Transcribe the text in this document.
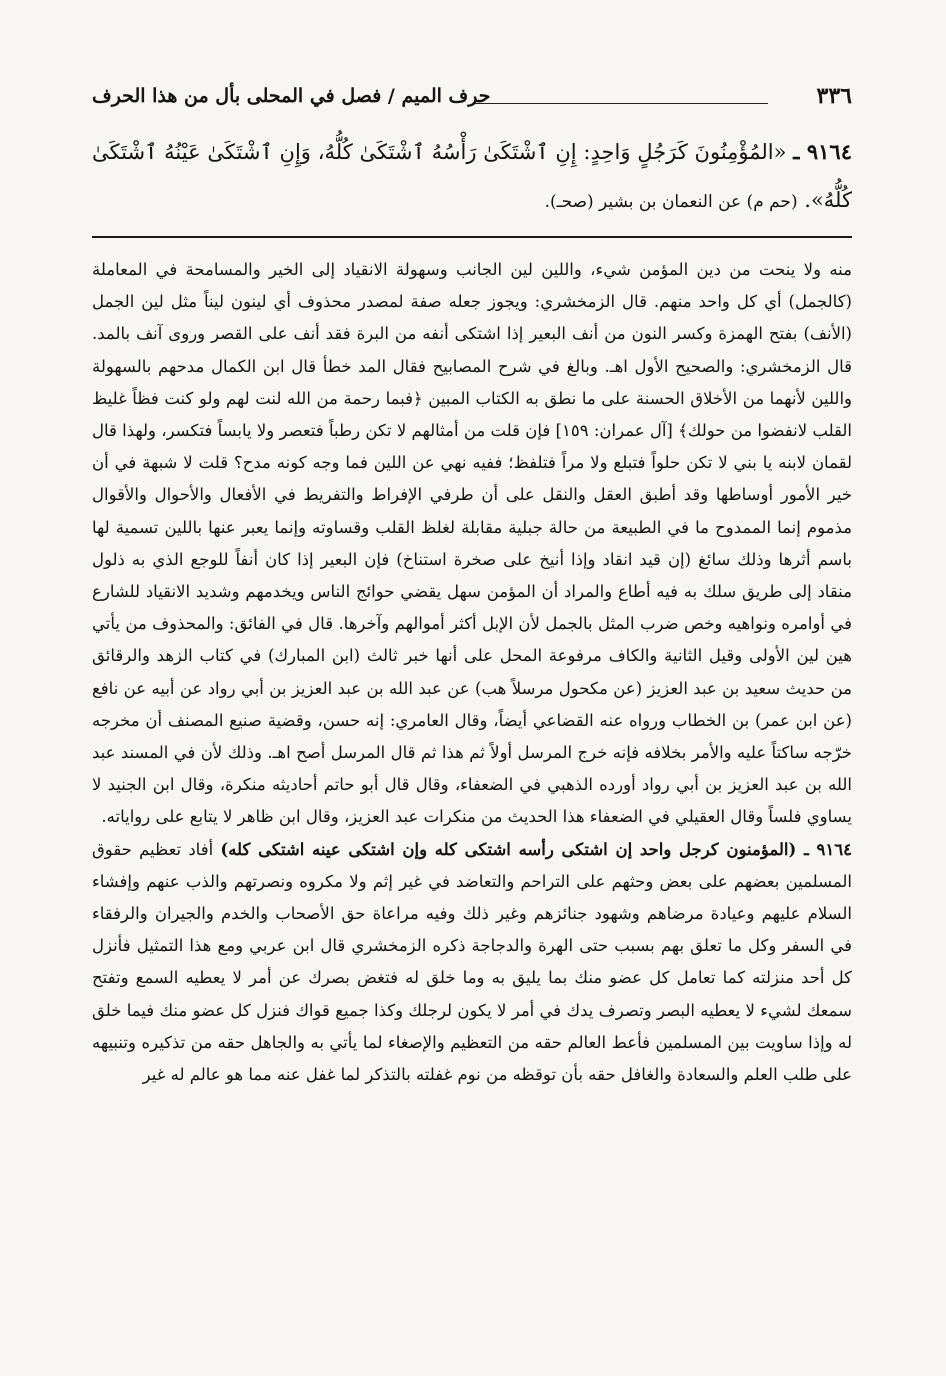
٣٣٦
حرف الميم / فصل في المحلى بأل من هذا الحرف

٩١٦٤ ـ «المُؤْمِنُونَ كَرَجُلٍ وَاحِدٍ: إِنِ ٱشْتَكَىٰ رَأْسُهُ ٱشْتَكَىٰ كُلُّهُ، وَإِنِ ٱشْتَكَىٰ عَيْنُهُ ٱشْتَكَىٰ كُلُّهُ». (حم م) عن النعمان بن بشير (صحـ).

منه ولا ينحت من دين المؤمن شيء، واللين لين الجانب وسهولة الانقياد إلى الخير والمسامحة في المعاملة (كالجمل) أي كل واحد منهم. قال الزمخشري: ويجوز جعله صفة لمصدر محذوف أي لينون ليناً مثل لين الجمل (الأنف) بفتح الهمزة وكسر النون من أنف البعير إذا اشتكى أنفه من البرة فقد أنف على القصر وروى آنف بالمد. قال الزمخشري: والصحيح الأول اهـ. وبالغ في شرح المصابيح فقال المد خطأ قال ابن الكمال مدحهم بالسهولة واللين لأنهما من الأخلاق الحسنة على ما نطق به الكتاب المبين ﴿فبما رحمة من الله لنت لهم ولو كنت فظاً غليظ القلب لانفضوا من حولك﴾ [آل عمران: ١٥٩] فإن قلت من أمثالهم لا تكن رطباً فتعصر ولا يابساً فتكسر، ولهذا قال لقمان لابنه يا بني لا تكن حلواً فتبلع ولا مراً فتلفظ؛ ففيه نهي عن اللين فما وجه كونه مدح؟ قلت لا شبهة في أن خير الأمور أوساطها وقد أطبق العقل والنقل على أن طرفي الإفراط والتفريط في الأفعال والأحوال والأقوال مذموم إنما الممدوح ما في الطبيعة من حالة جبلية مقابلة لغلظ القلب وقساوته وإنما يعبر عنها باللين تسمية لها باسم أثرها وذلك سائغ (إن قيد انقاد وإذا أنيخ على صخرة استناخ) فإن البعير إذا كان أنفاً للوجع الذي به ذلول منقاد إلى طريق سلك به فيه أطاع والمراد أن المؤمن سهل يقضي حوائج الناس ويخدمهم وشديد الانقياد للشارع في أوامره ونواهيه وخص ضرب المثل بالجمل لأن الإبل أكثر أموالهم وآخرها. قال في الفائق: والمحذوف من يأتي هين لين الأولى وقيل الثانية والكاف مرفوعة المحل على أنها خبر ثالث (ابن المبارك) في كتاب الزهد والرقائق من حديث سعيد بن عبد العزيز (عن مكحول مرسلاً هب) عن عبد الله بن عبد العزيز بن أبي رواد عن أبيه عن نافع (عن ابن عمر) بن الخطاب ورواه عنه القضاعي أيضاً، وقال العامري: إنه حسن، وقضية صنيع المصنف أن مخرجه خرّجه ساكتاً عليه والأمر بخلافه فإنه خرج المرسل أولاً ثم هذا ثم قال المرسل أصح اهـ. وذلك لأن في المسند عبد الله بن عبد العزيز بن أبي رواد أورده الذهبي في الضعفاء، وقال قال أبو حاتم أحاديثه منكرة، وقال ابن الجنيد لا يساوي فلساً وقال العقيلي في الضعفاء هذا الحديث من منكرات عبد العزيز، وقال ابن ظاهر لا يتابع على رواياته.

٩١٦٤ ـ (المؤمنون كرجل واحد إن اشتكى رأسه اشتكى كله وإن اشتكى عينه اشتكى كله) أفاد تعظيم حقوق المسلمين بعضهم على بعض وحثهم على التراحم والتعاضد في غير إثم ولا مكروه ونصرتهم والذب عنهم وإفشاء السلام عليهم وعيادة مرضاهم وشهود جنائزهم وغير ذلك وفيه مراعاة حق الأصحاب والخدم والجيران والرفقاء في السفر وكل ما تعلق بهم بسبب حتى الهرة والدجاجة ذكره الزمخشري قال ابن عربي ومع هذا التمثيل فأنزل كل أحد منزلته كما تعامل كل عضو منك بما يليق به وما خلق له فتغض بصرك عن أمر لا يعطيه السمع وتفتح سمعك لشيء لا يعطيه البصر وتصرف يدك في أمر لا يكون لرجلك وكذا جميع قواك فنزل كل عضو منك فيما خلق له وإذا ساويت بين المسلمين فأعط العالم حقه من التعظيم والإصغاء لما يأتي به والجاهل حقه من تذكيره وتنبيهه على طلب العلم والسعادة والغافل حقه بأن توقظه من نوم غفلته بالتذكر لما غفل عنه مما هو عالم له غير
